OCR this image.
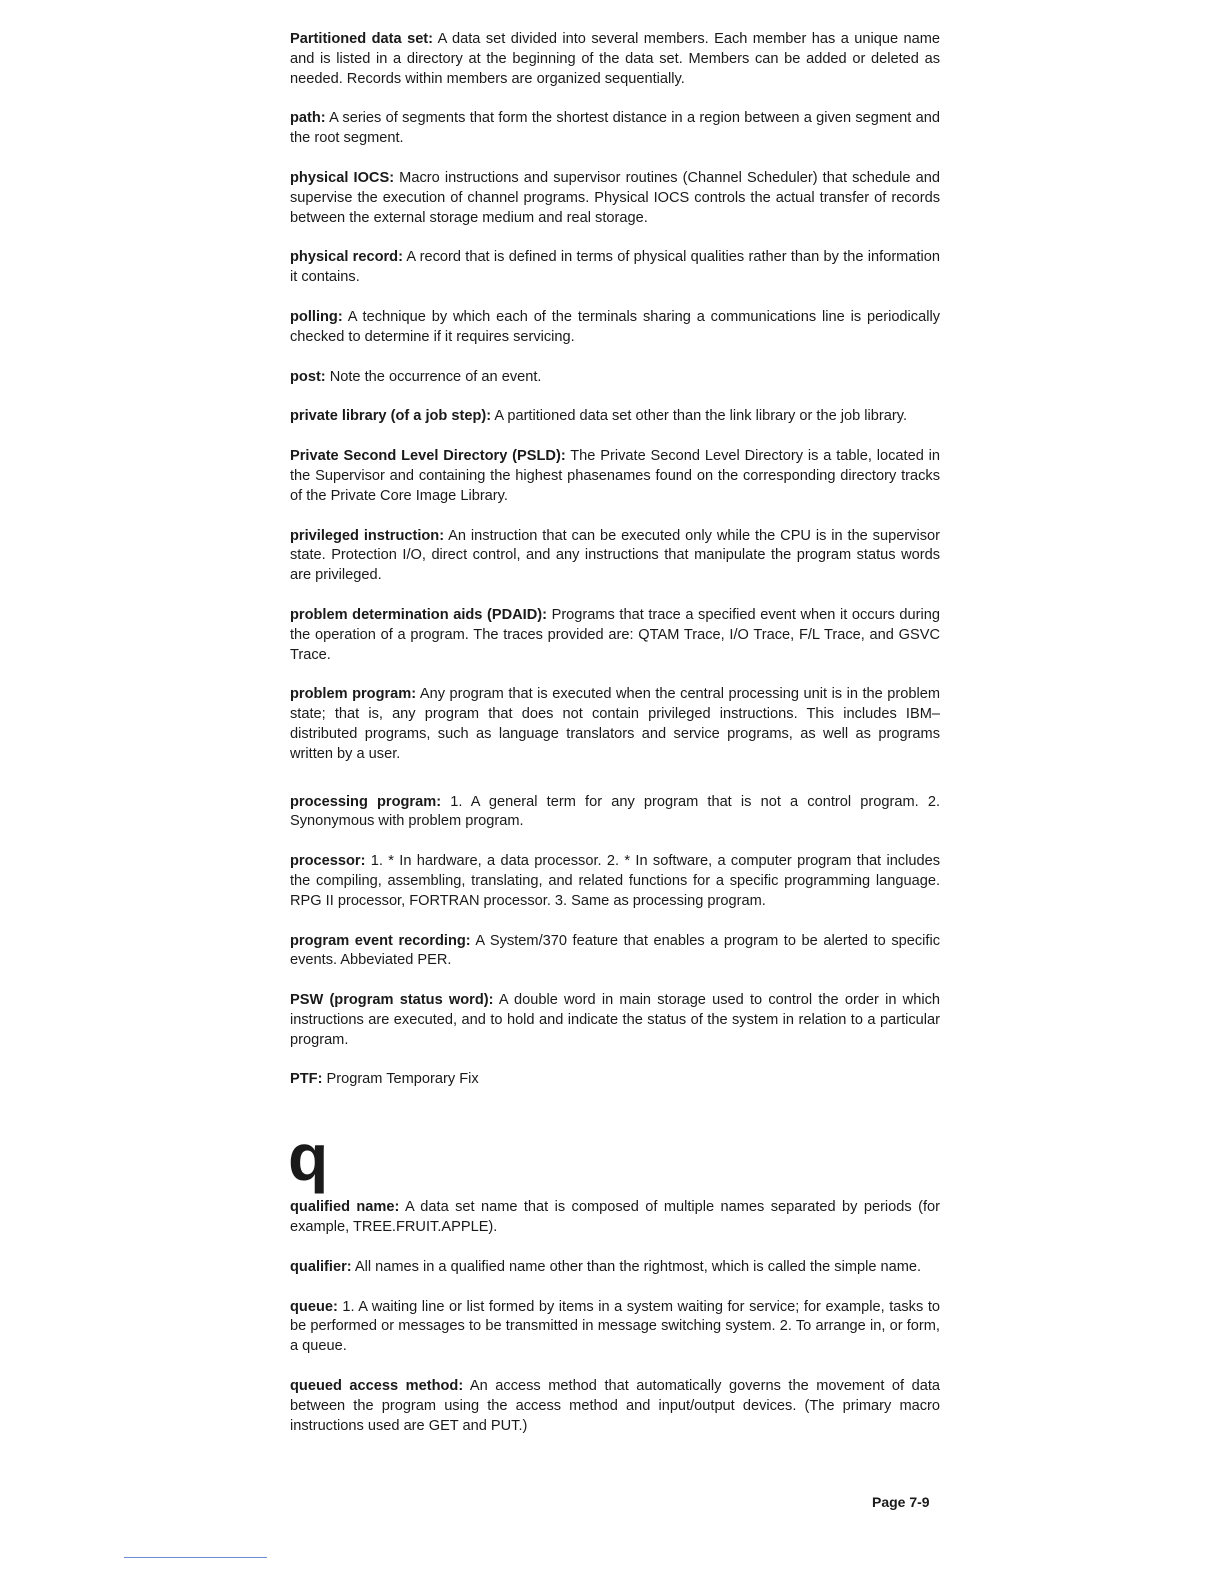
Partitioned data set: A data set divided into several members. Each member has a unique name and is listed in a directory at the beginning of the data set. Members can be added or deleted as needed. Records within members are organized sequentially.

path: A series of segments that form the shortest distance in a region between a given segment and the root segment.

physical IOCS: Macro instructions and supervisor routines (Channel Scheduler) that schedule and supervise the execution of channel programs. Physical IOCS controls the actual transfer of records between the external storage medium and real storage.

physical record: A record that is defined in terms of physical qualities rather than by the information it contains.

polling: A technique by which each of the terminals sharing a communications line is periodically checked to determine if it requires servicing.

post: Note the occurrence of an event.

private library (of a job step): A partitioned data set other than the link library or the job library.

Private Second Level Directory (PSLD): The Private Second Level Directory is a table, located in the Supervisor and containing the highest phasenames found on the corresponding directory tracks of the Private Core Image Library.

privileged instruction: An instruction that can be executed only while the CPU is in the supervisor state. Protection I/O, direct control, and any instructions that manipulate the program status words are privileged.

problem determination aids (PDAID): Programs that trace a specified event when it occurs during the operation of a program. The traces provided are: QTAM Trace, I/O Trace, F/L Trace, and GSVC Trace.

problem program: Any program that is executed when the central processing unit is in the problem state; that is, any program that does not contain privileged instructions. This includes IBM–distributed programs, such as language translators and service programs, as well as programs written by a user.

processing program: 1. A general term for any program that is not a control program. 2. Synonymous with problem program.

processor: 1. * In hardware, a data processor. 2. * In software, a computer program that includes the compiling, assembling, translating, and related functions for a specific programming language. RPG II processor, FORTRAN processor. 3. Same as processing program.

program event recording: A System/370 feature that enables a program to be alerted to specific events. Abbeviated PER.

PSW (program status word): A double word in main storage used to control the order in which instructions are executed, and to hold and indicate the status of the system in relation to a particular program.

PTF: Program Temporary Fix

q

qualified name: A data set name that is composed of multiple names separated by periods (for example, TREE.FRUIT.APPLE).

qualifier: All names in a qualified name other than the rightmost, which is called the simple name.

queue: 1. A waiting line or list formed by items in a system waiting for service; for example, tasks to be performed or messages to be transmitted in message switching system. 2. To arrange in, or form, a queue.

queued access method: An access method that automatically governs the movement of data between the program using the access method and input/output devices. (The primary macro instructions used are GET and PUT.)

Page 7-9
